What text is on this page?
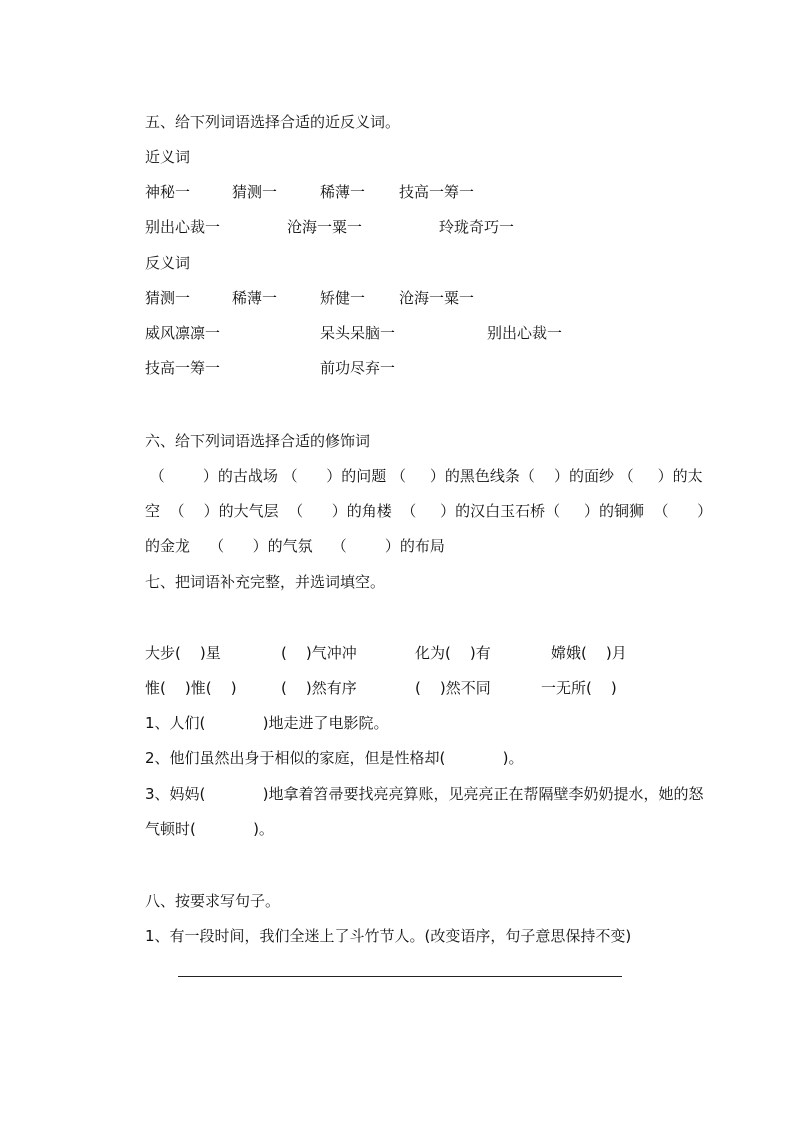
五、给下列词语选择合适的近反义词。
近义词
神秘一	猜测一	稀薄一 技高一筹一
别出心裁一	沧海一粟一	玲珑奇巧一
反义词
猜测一	稀薄一	矫健一 沧海一粟一
威风凛凛一	呆头呆脑一	别出心裁一
技高一筹一	前功尽弃一
六、给下列词语选择合适的修饰词
（        ）的古战场 （      ）的问题 （     ）的黑色线条（    ）的面纱 （     ）的太
空  （    ）的大气层  （      ）的角楼  （     ）的汉白玉石桥（     ）的铜狮  （      ）
的金龙    （      ）的气氛    （        ）的布局
七、把词语补充完整，并选词填空。
大步(    )星	(    )气冲冲	化为(    )有	嫦娥(    )月
惟(    )惟(    )	(    )然有序	(    )然不同	一无所(    )
1、人们(            )地走进了电影院。
2、他们虽然出身于相似的家庭，但是性格却(            )。
3、妈妈(            )地拿着笤帚要找亮亮算账，见亮亮正在帮隔壁李奶奶提水，她的怒
气顿时(            )。
八、按要求写句子。
1、有一段时间，我们全迷上了斗竹节人。(改变语序，句子意思保持不变)
